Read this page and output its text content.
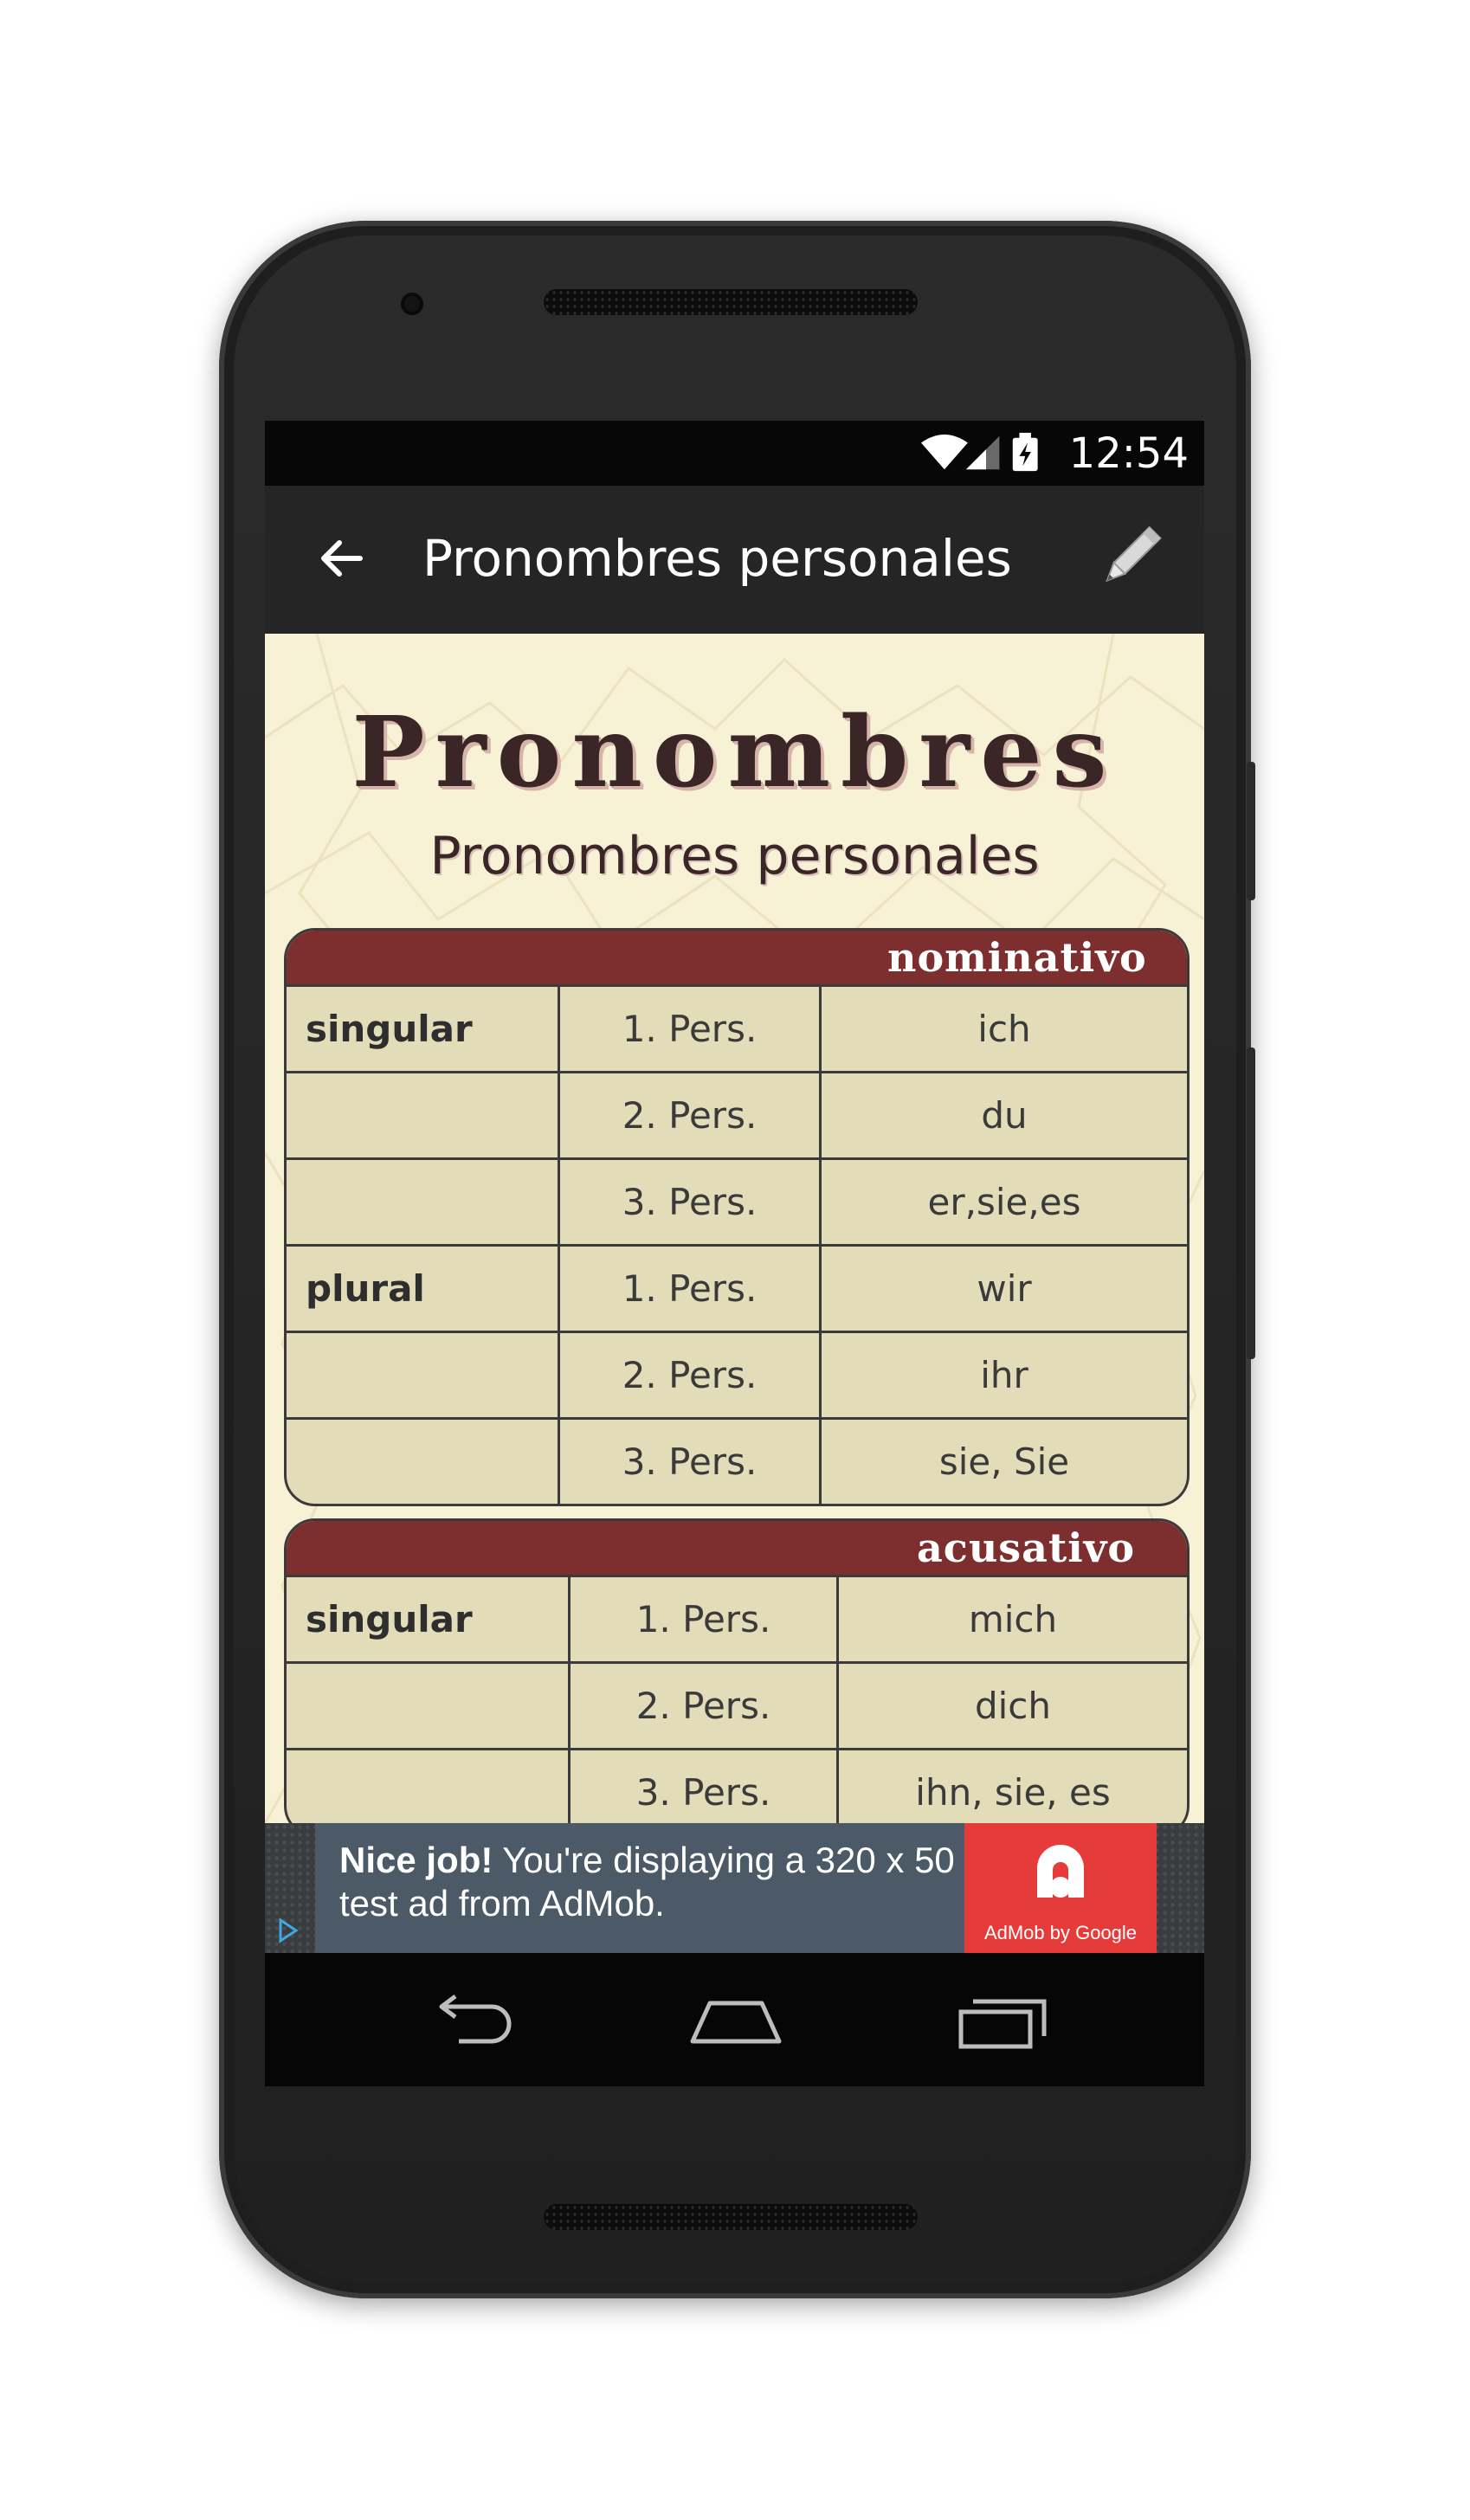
12:54
Pronombres personales
Pronombres
Pronombres personales
nominativo
singular	1. Pers.	ich
2. Pers.	du
3. Pers.	er,sie,es
plural	1. Pers.	wir
2. Pers.	ihr
3. Pers.	sie, Sie
acusativo
singular	1. Pers.	mich
2. Pers.	dich
3. Pers.	ihn, sie, es
Nice job! You're displaying a 320 x 50 test ad from AdMob.
AdMob by Google
